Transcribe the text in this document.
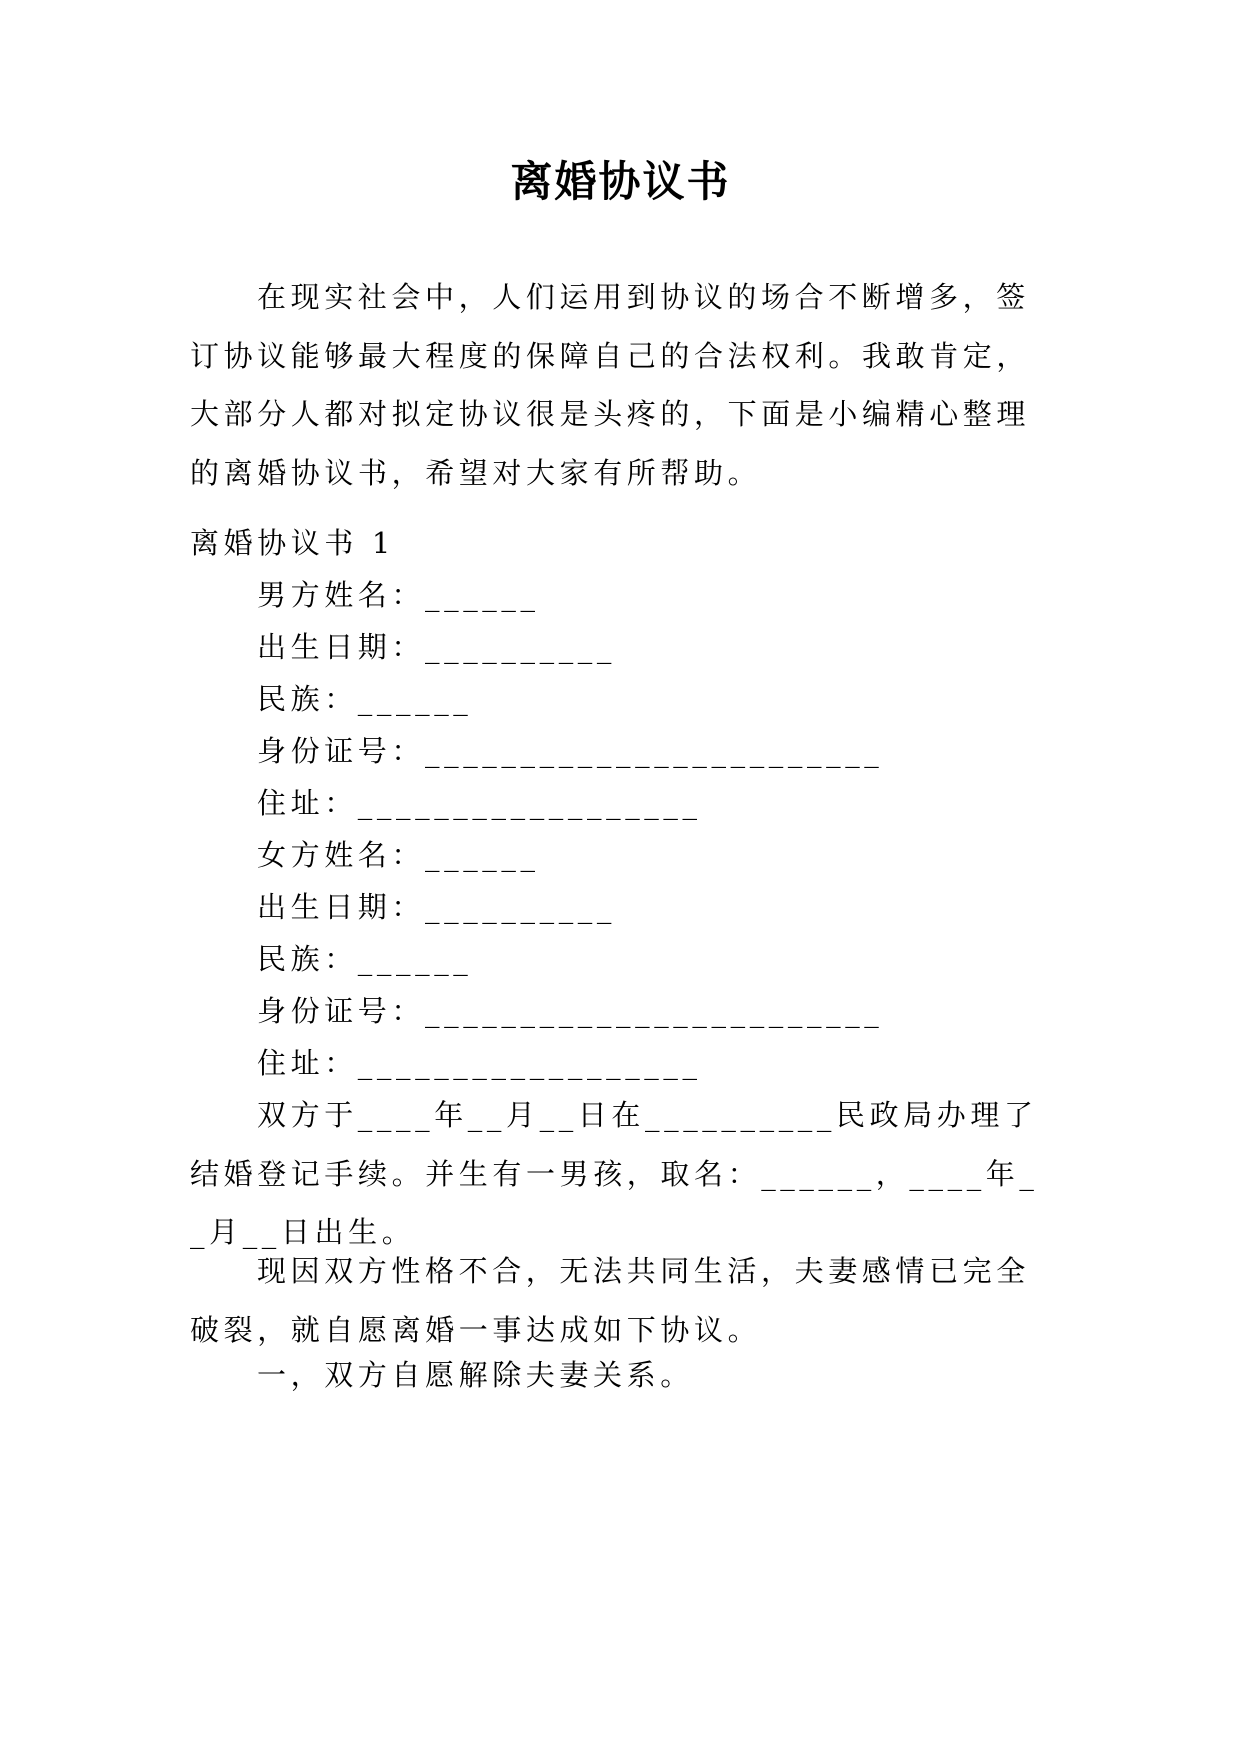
离婚协议书

在现实社会中，人们运用到协议的场合不断增多，签订协议能够最大程度的保障自己的合法权利。我敢肯定，大部分人都对拟定协议很是头疼的，下面是小编精心整理的离婚协议书，希望对大家有所帮助。

离婚协议书 1
男方姓名：______
出生日期：__________
民族：______
身份证号：________________________
住址：__________________
女方姓名：______
出生日期：__________
民族：______
身份证号：________________________
住址：__________________

双方于____年__月__日在__________民政局办理了结婚登记手续。并生有一男孩，取名：______，____年__月__日出生。

现因双方性格不合，无法共同生活，夫妻感情已完全破裂，就自愿离婚一事达成如下协议。

一，双方自愿解除夫妻关系。
